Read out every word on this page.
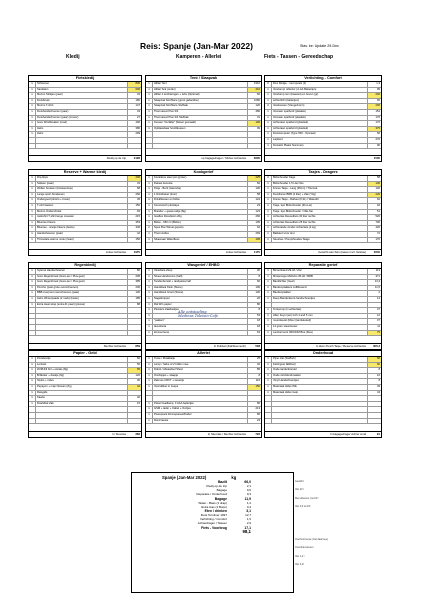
Reis: Spanje (Jan-Mar 2022)	Stav. ke: Update 29-Dec
Kledij	Kamperen - Allerlei	Fiets - Tassen - Gereedschap
Fietskledij
1	Schoenen	830
1	Sandalen	600
1	Merino Strikjes (paar)	33
1	Fietsbroek	180
1	Merino T-shirt	147
1	Fietshandschoenen (paar)	43
1	Fietshandschoenen (paar) (zomer)	27
1	Gore Windbreaker (rood)	400
1	Helm	380
1	Helm	299
Kledij op de trip	2128
Tent / Slaapzak
1	Hilltar Tent	1910
1	Hilltar Sok (onder)	210
1	Hilltar 4 tentharingen + tubs (Optional)	56
1	Slaapzak Northface (groot gabardine)	1080
1	Slaapzak Northface Stuffsak	120
1	Thermarest Plus 3/4	480
1	Thermarest Plus 3/4 Stuffsak	31
1	Kussen "Fertiklip" (fietser gemaakt)	190
1	Opblaasbaar hoofdkussen	99
op bagagedrager / Sticker Achtertas	3600
Verlichting - Comfort
0	Flex Rodge - met spoels (1)	1,3
1	Voorlamp/ reflector (A-AA Batterijen)	95
1	Voorlamp rem (kweetet) en boven (gr)	200
1	Achterlicht (batterijen)	65
2	Voetkussen (Vleugelvorm)	200
1	Vooraan spatbord (plastiek)	154
1	Vooraan spatbord (plastiek)	176
1	Achteraan spatbord (plastiek)	176
1	Achteraan spatbord (plastiek)	375
1	Fietscomputer (Type 500 - Opmaat)	50
1	Lapttent	270
1	Fietsslot Plaats Nummers	90
1530
Reserve + Warme kledij
1	Flip-flops	200
1	Sokken (paar)	33
1	Wollen broeken (broekenloop)	68
1	Lange sport broekenen	260
1	Ondergoed (shorts + boxer)	45
1	T-shirt katoen	150
1	Merino Ondershirtok	93
1	Jackshirt T-shirt lange mouwen	215
1	Bluezee Fleece	353
1	Bluezee - oranje Fleece (beste)	346
1	Handschoenen (paar)	42
1	Thinsulate warme muts (zwart)	150
Linker Achtertas	1975
Kookgerief
1	Kookdoos steel pot (groter)	225
1	Deksel kooosta	82
1	Potje - Bord (Gamsha)	100
1	1 Drinkbeker (tiner)	58
1	Drinkflessen en bidon	124
1	Koorootsch plooitaps	23
1	Brander + gasse tabje (8g)	123
1	Gasfles Dossfetsin 20g	260
1	Bidon - 650 ml (Bidon)	105
2	Spee Box Wimel geperts	62
1	Thermosfles	269
1	Sikasnaar Waterfless	195
Linker Achtertas	1175
Tasjes - Dragers
2	Bidonhouder Kage	58
1	Bidonhouder 1,5 Liter fles	100
1	Frame Tasje - Lang (35cm) / Thermal	100
1	Fietsframe BRB (4 liter) + Zak (Ytig)	220
1	Frame Tasje - Delfuet (6,3L) / Waterdit	92
1	Tasje, kpo Bidonhouder (Zin-Lei)	94
1	Tasje, kpo Bidonhouder / Olle-Sei	51
1	Achtertas Deuselfans 30 liter rechts	520
1	Achtertas Deuselfans 25 liter rechts	700
1	Achterasde zonder Achtertele (4 kg)	420
1	Bakkkerl voor tent	72
1	Stuurtas / Pompthoudes Stage	170
Gewicht aan fiets (tassen incl. fietstas)	2640
Regenkledij
1	Sylerna Handschoenen	80
1	Gore Regenbroek (Gore-tex / Plus geel)	205
1	Gore Regenbroek (Gore-tex / Plus geel)	385
1	Poncho (past grote overschoenen)	230
1	BBB overpoot overschoenen (paar)	130
1	Helm Winterpaade (2 mals) (beste)	185
1	Extra Heat wrap (extra d1 paar) (plexas)	88
Rechter Achtertas	859
Wasgerief / EHBO
1	Vloeibare Zeep	30
1	Nivea Handcreme (half)	8
1	Tandenborstel + tandpasta half	60
1	Handdoek Klein (Stone)	100
1	Handdoek Groot (Stone)	130
1	Nagelknipper	20
1	Ral WC-papier	80
1	Pleisters Zakdoekjes	8
1	53
1	"pakken"	18
1	lavuolonia	18
1	Zonnecreme	63
Alle ontstoeling
Medinas Toleisin-Cofe
In Dubbel (Zak/bisemenh)	508
Reparatie gerief
1	Binnenband 29-42 / Zon	113
1	Minipompje Michelin 35-40 / BRB	371
1	Bandlichter (Geel)	13,3
1	Bandenplakkers zelfklevend	11,5
1	Bandenplakker	2
1	Deep Bandenleunt-handschoentjes	13
1	Tentpomp (in achtertas)	37
1	Allen Keys (set) Inch 4 and 5 mm	12
1	moersleutel (Moer (tandsleutel))	37
1	14 gram steunlooser	11
1	Lambermont ISNOOM Boe (Fles)	75
In klein Pouch Tasje / Reserve Achtertas	306,3
Papier - Geld
1	Portefeuilje	82
1	Lenticel	50
1	ZOPHNI bril + etuitas (8g)	65
1	Brilkoker + doekje (6g)	120
1	Stylos + index	30
1	Pepayon + map Nussen (Z)g	42
1	Reisgids
1	Kaarte	40
1	Flashdisk Zak	15
In Stuurtas	366
Allerlei
1	Tuwe / Muakkatje	25
1	Lamp / halve of 2 brillen mee	32
1	Dobol / Afwasdoel Shed	86
1	Oordopjes + slaapje	8
1	Zakmes CRKT + tweertje	116
1	Voorstikker in Jeepe	150
1	Poket headlamp, 3 AAA batterijen	86
1	GSM + lader + Kabel + Oortjes	213
1	Powerpack Zonnepaneel/Kabel	86
1	Rond tassie	23
In Stuurtas / Rechter Achtertas	726
Onderhoud
1	Pijne olie (Staffork)	60
1	Kettingvet (Elkfout)	60
1	Oude tandenborstel	8
1	Oude zelt-Mondmasker	16
1	Vinyl Handschoentjes	8
1	Materiaal Hidex Wik	49
1	Materiaal Hidex Geip	43
In bagagedrager Achter smal	91
Spanje (Jan-Mar 2022)	kg
Bazilt	66,0
Kledij op de trip	2,1
Bagage	9,5
Reparatie / Onderhoud	0,3
Bagage	11,9
Water - Bass (1 drap)	1,2
Extra Gas (1 Burjo)	0,4
Eten / drinken	3,1
Fiets Tornilner 1997	12,7
Verlichting / Comfort	1,5
Achterdrager / Tassen	2,9
Fiets - Voorbrug	17,1
98,1
Gewicht
Van 20 l
Met uitlevens, bel 24 f
Van 2,0 tot 10l
Overhoot tenue (met daarmee)
Overdruk kleuren
Van 1,2 l
Van 3,2l
